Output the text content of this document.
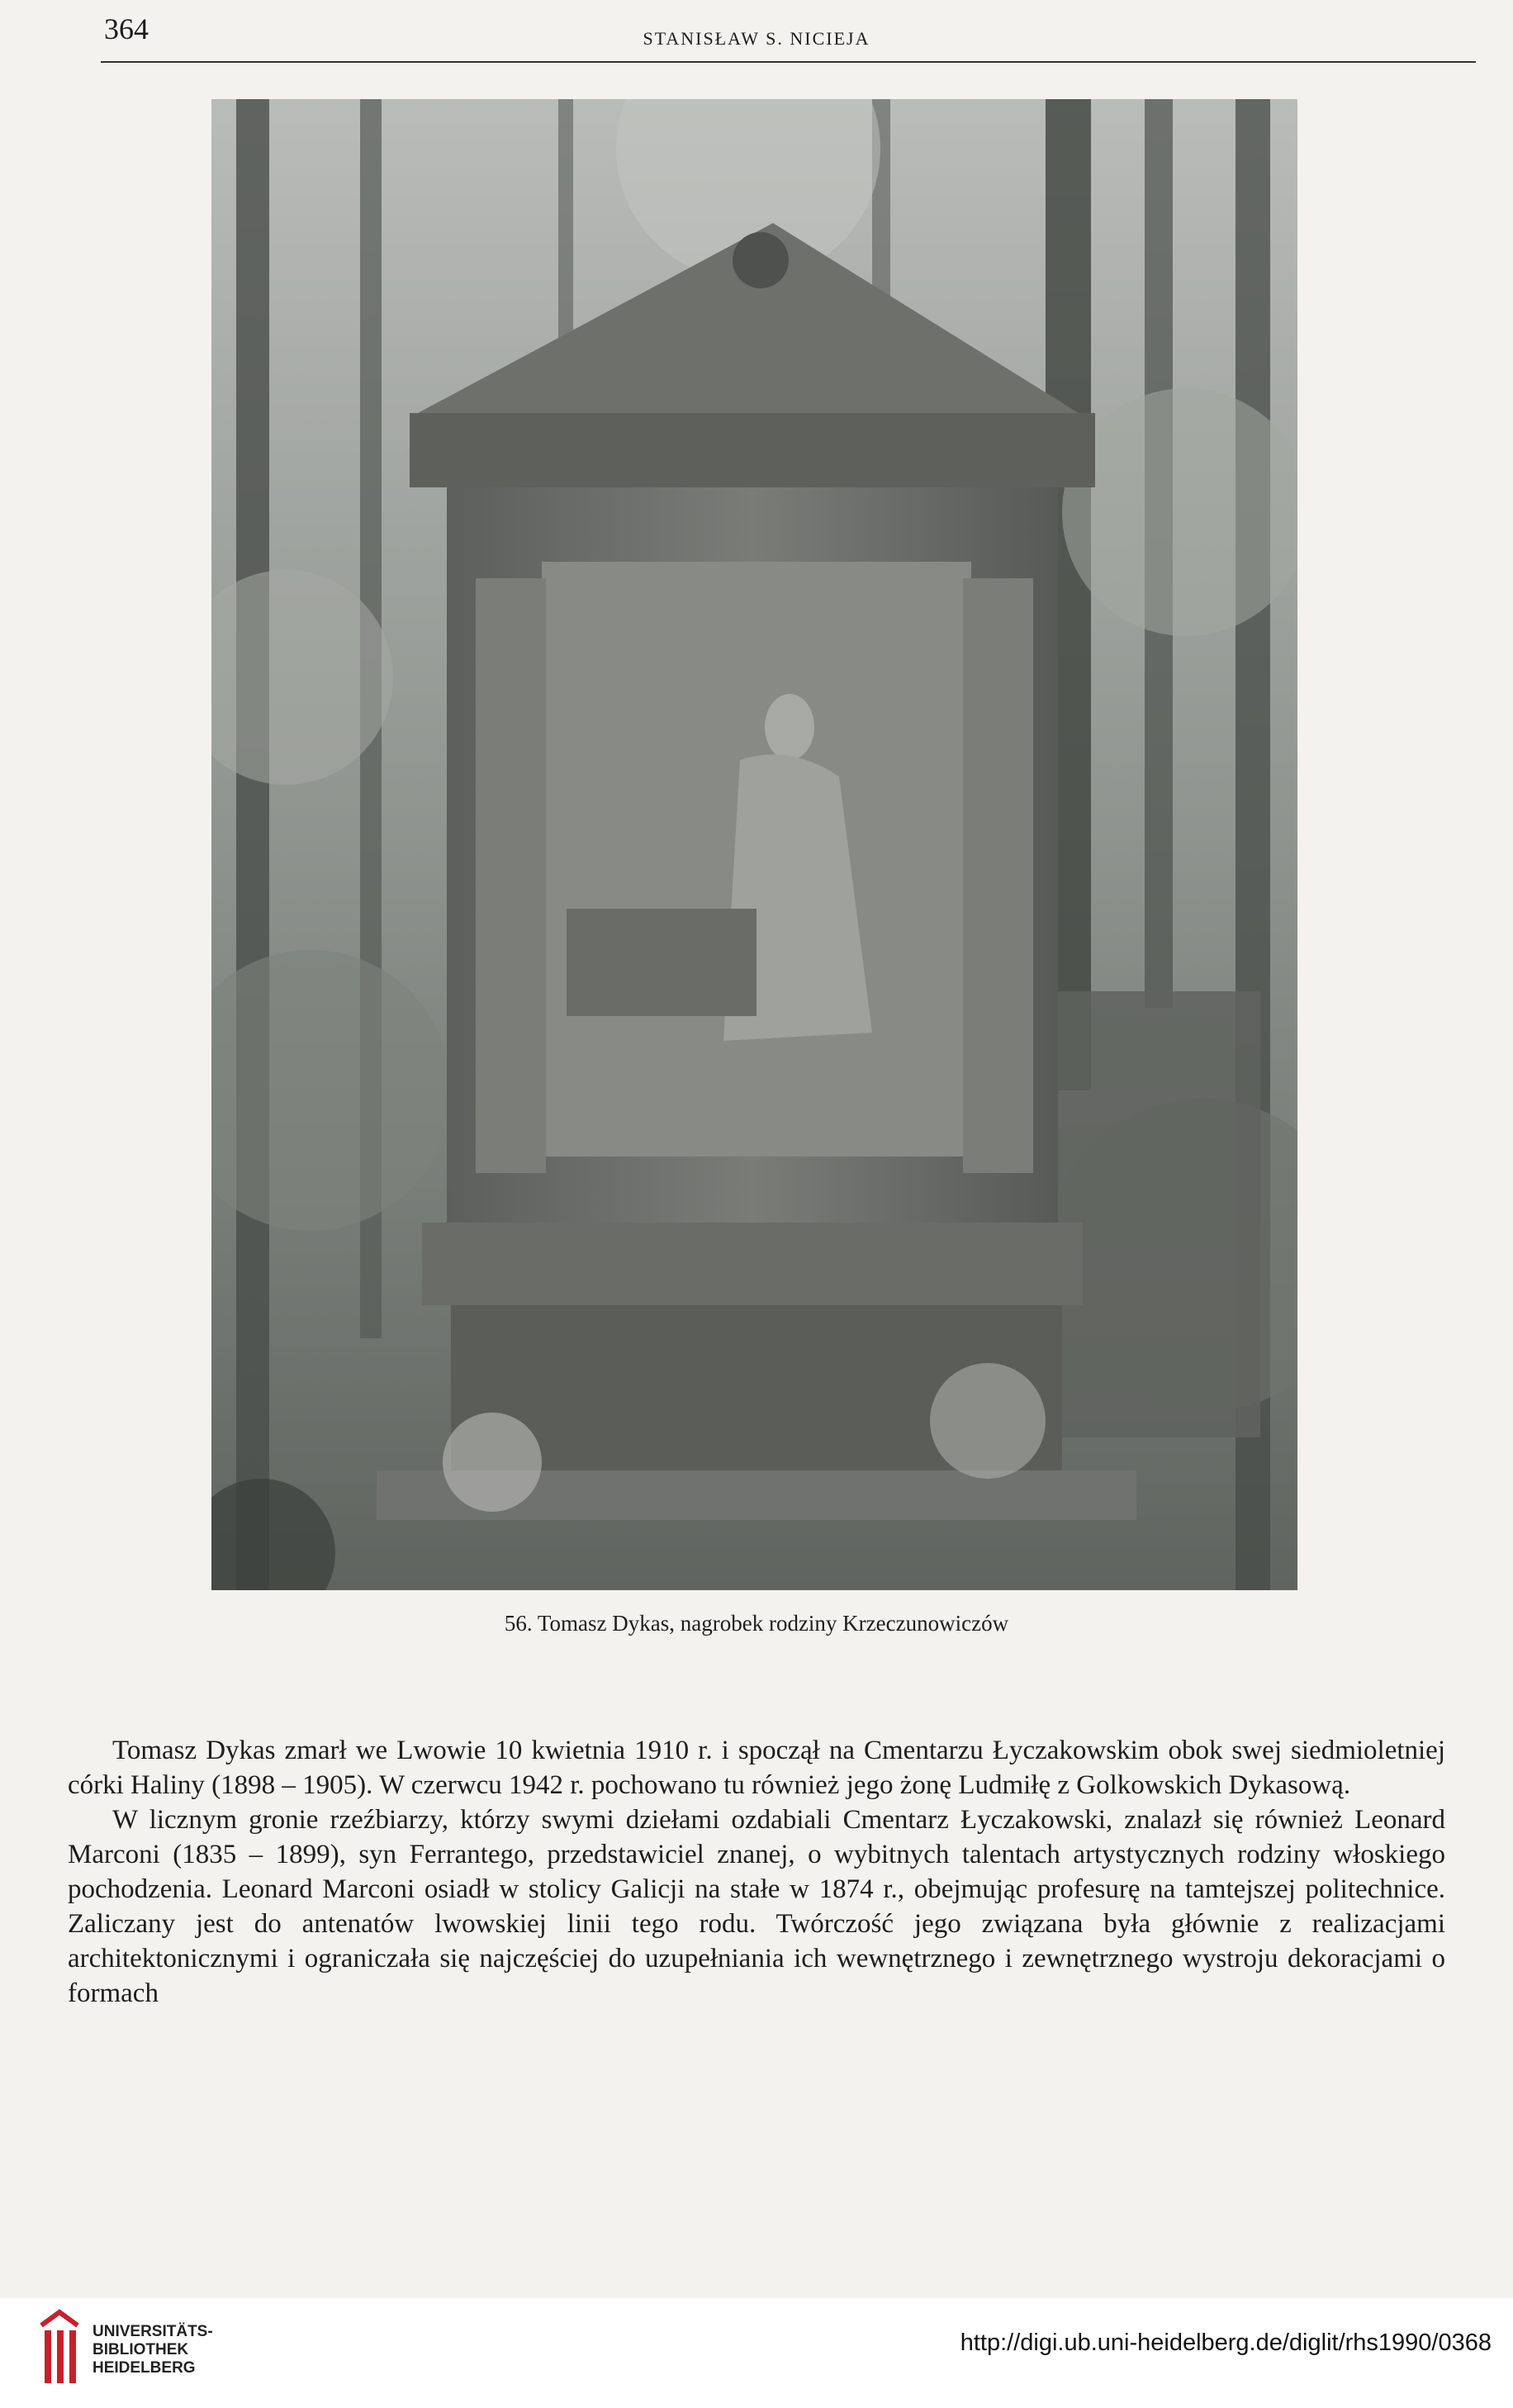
364	STANISŁAW S. NICIEJA
56. Tomasz Dykas, nagrobek rodziny Krzeczunowiczów

Tomasz Dykas zmarł we Lwowie 10 kwietnia 1910 r. i spoczął na Cmentarzu Łyczakowskim obok swej siedmioletniej córki Haliny (1898 – 1905). W czerwcu 1942 r. pochowano tu również jego żonę Ludmiłę z Golkowskich Dykasową.

W licznym gronie rzeźbiarzy, którzy swymi dziełami ozdabiali Cmentarz Łyczakowski, znalazł się również Leonard Marconi (1835 – 1899), syn Ferrantego, przedstawiciel znanej, o wybitnych talentach artystycznych rodziny włoskiego pochodzenia. Leonard Marconi osiadł w stolicy Galicji na stałe w 1874 r., obejmując profesurę na tamtejszej politechnice. Zaliczany jest do antenatów lwowskiej linii tego rodu. Twórczość jego związana była głównie z realizacjami architektonicznymi i ograniczała się najczęściej do uzupełniania ich wewnętrznego i zewnętrznego wystroju dekoracjami o formach

UNIVERSITÄTS-
BIBLIOTHEK
HEIDELBERG
http://digi.ub.uni-heidelberg.de/diglit/rhs1990/0368
